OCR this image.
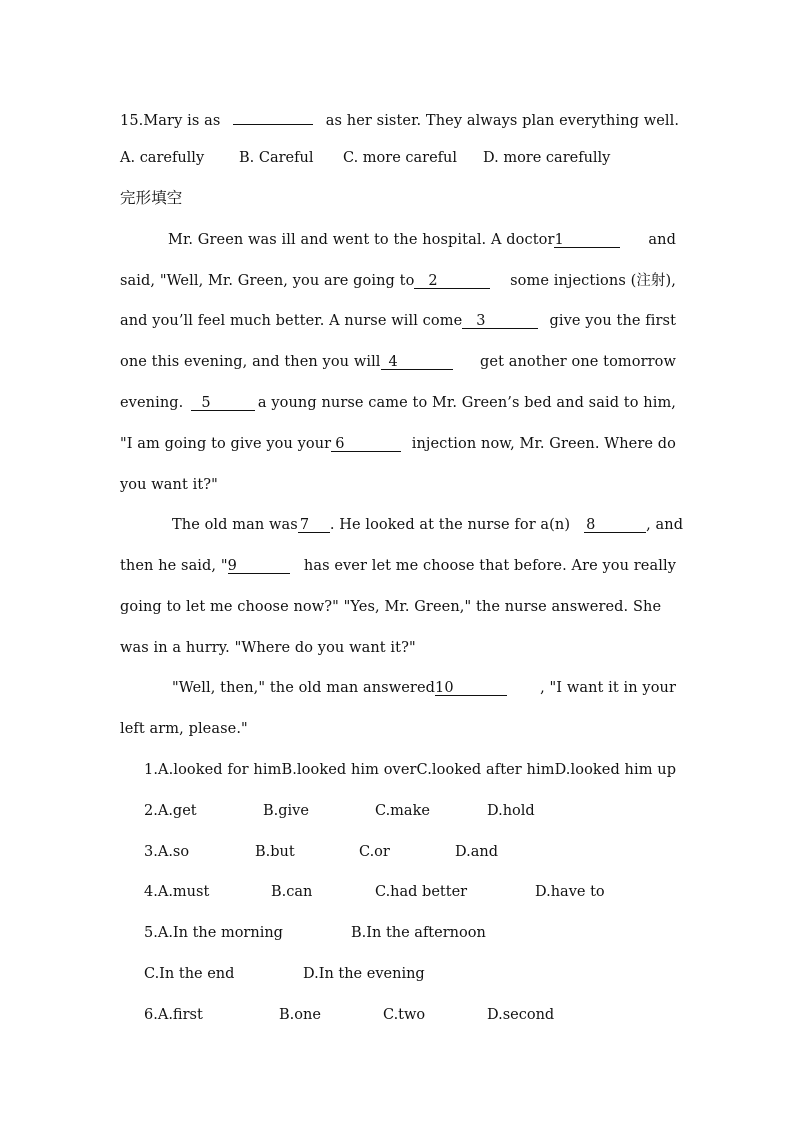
15.Mary is as	as her sister. They always plan everything well.
A. carefully B. Careful C. more careful D. more carefully
完形填空
Mr. Green was ill and went to the hospital. A doctor1	and
said, "Well, Mr. Green, you are going to 2	some injections (注射),
and you’ll feel much better. A nurse will come 3	give you the first
one this evening, and then you will 4	get another one tomorrow
evening. 5	a young nurse came to Mr. Green’s bed and said to him,
"I am going to give you your 6	injection now, Mr. Green. Where do
you want it?"
The old man was 7 . He looked at the nurse for a(n) 8	, and
then he said, "9	has ever let me choose that before. Are you really
going to let me choose now?" "Yes, Mr. Green," the nurse answered. She
was in a hurry. "Where do you want it?"
"Well, then," the old man answered10	, "I want it in your
left arm, please."
1. A.looked for him B.looked him over C.looked after him D.looked him up
2.A.get	B.give	C.make	D.hold
3.A.so	B.but	C.or	D.and
4.A.must	B.can	C.had better	D.have to
5.A.In the morning	B.In the afternoon
C.In the end	D.In the evening
6.A.first	B.one	C.two	D.second
